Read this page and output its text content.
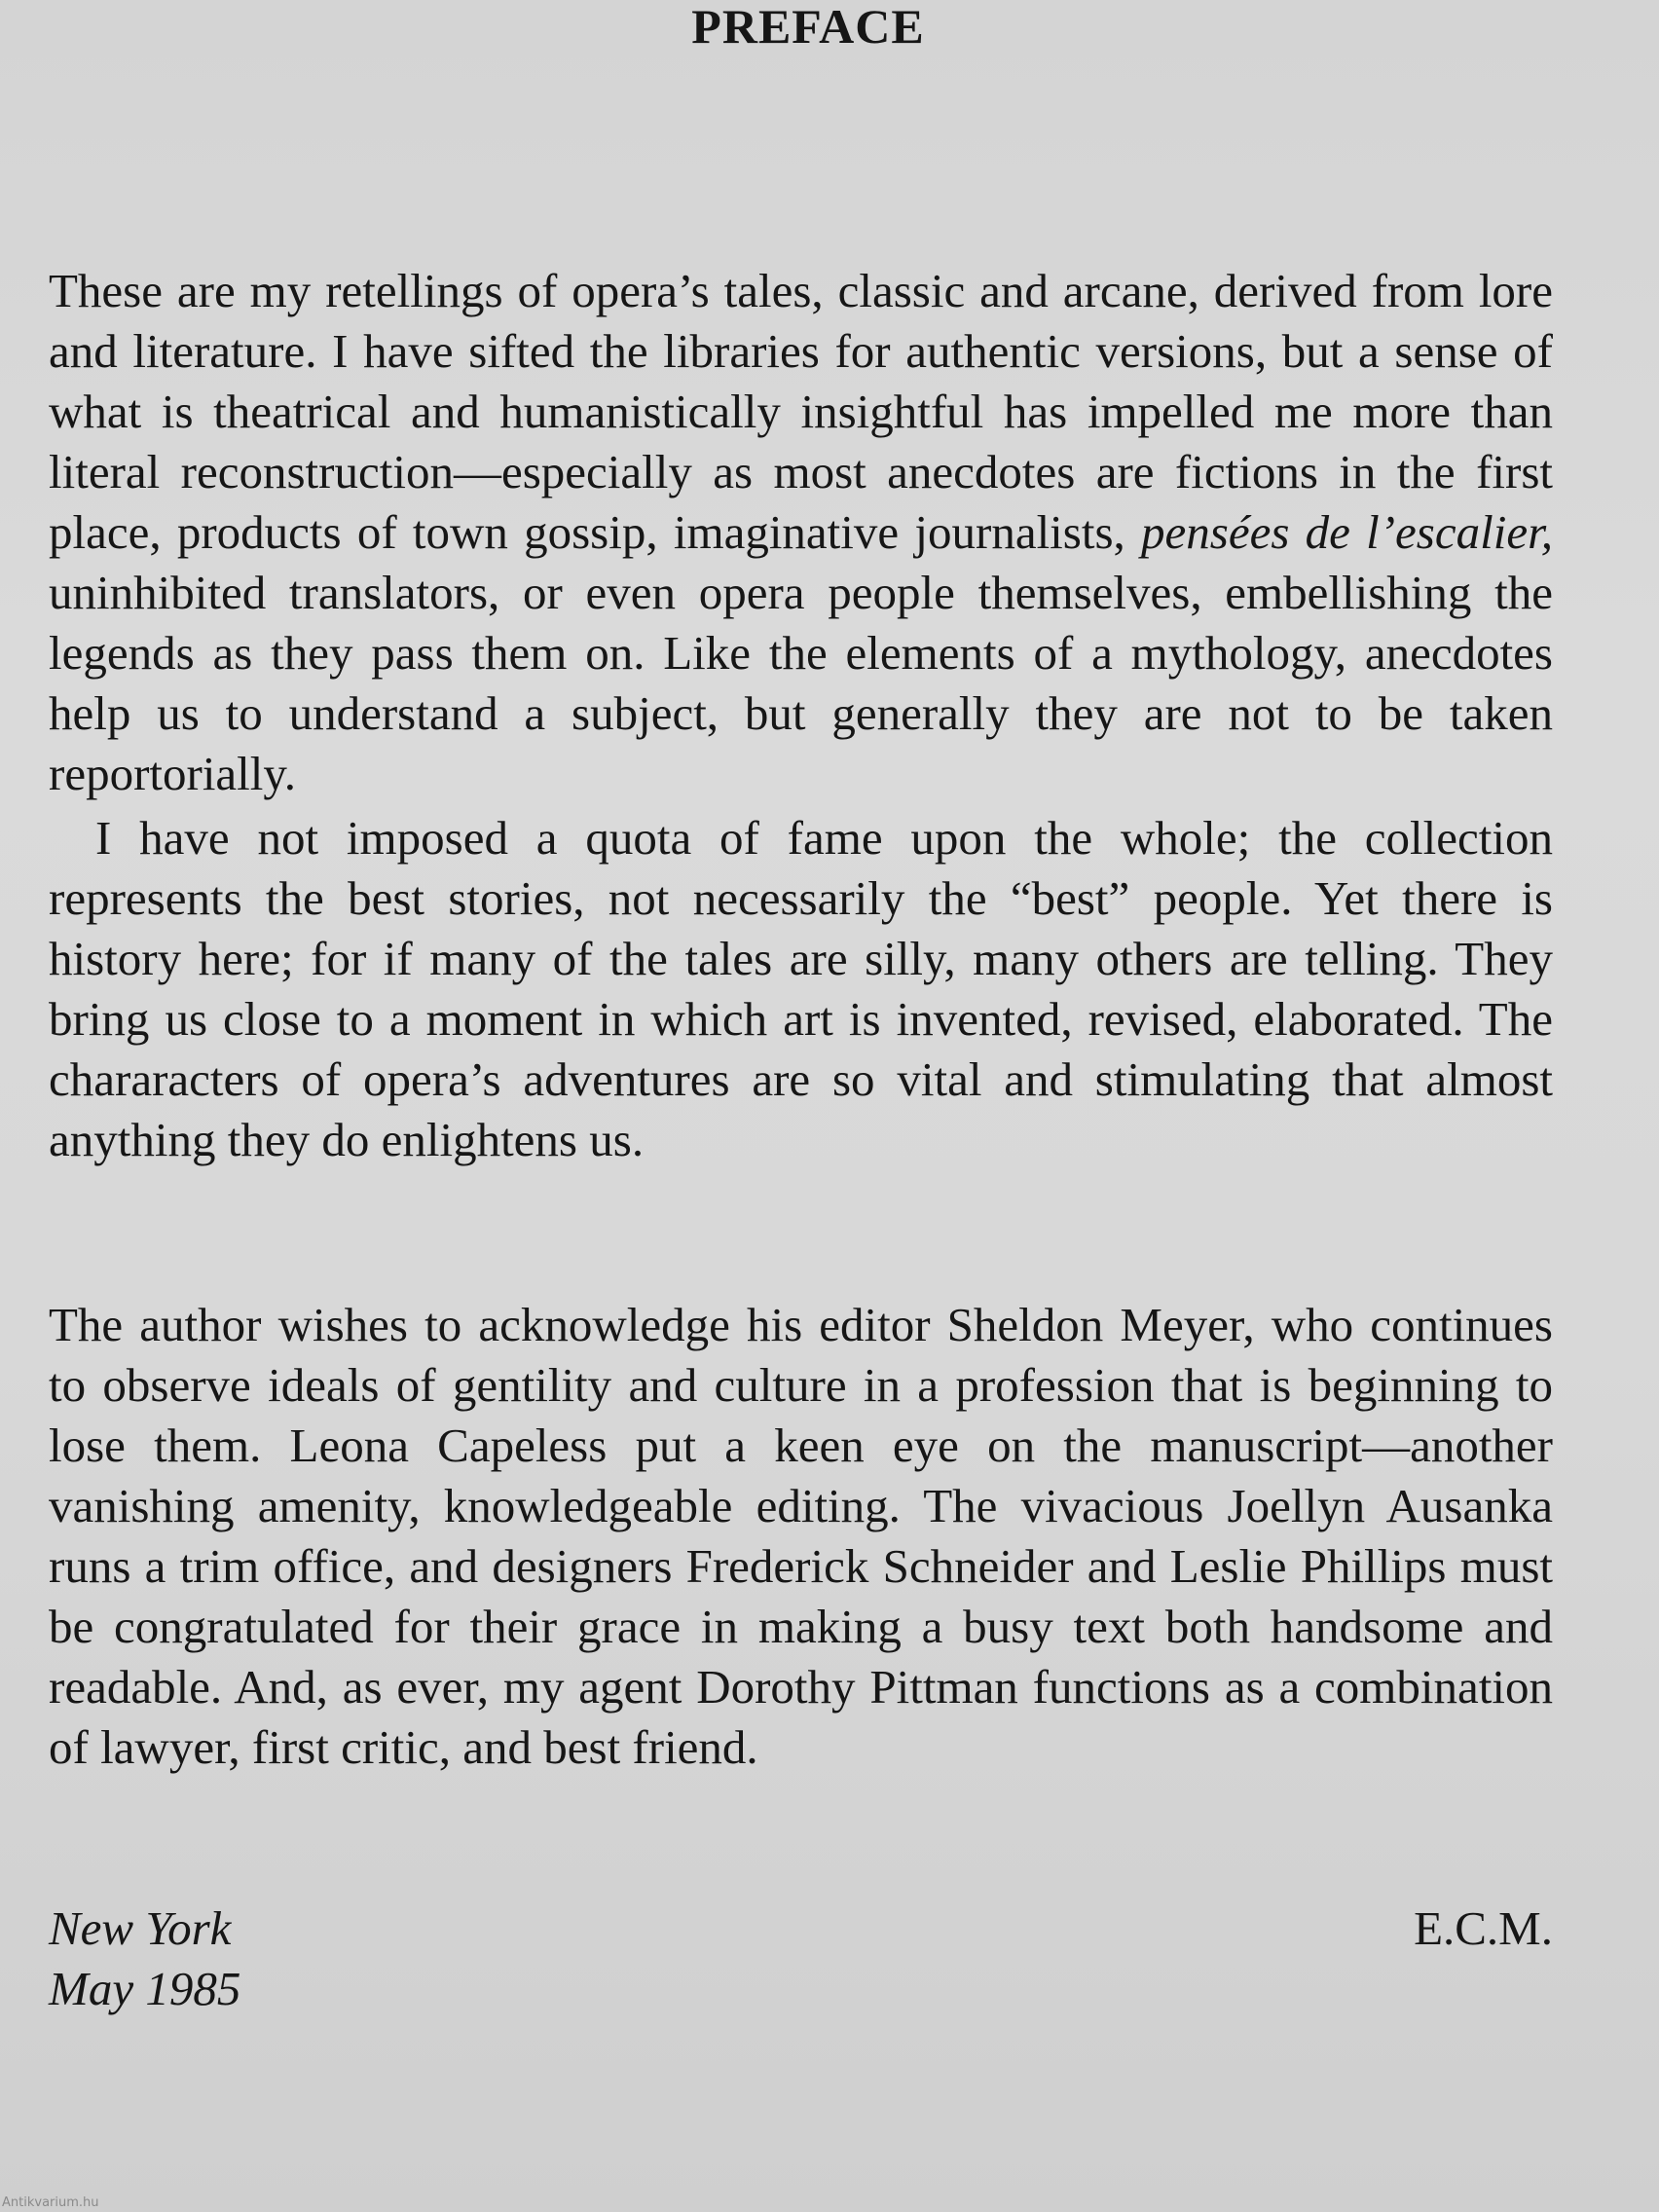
PREFACE

These are my retellings of opera’s tales, classic and arcane, derived from lore and literature. I have sifted the libraries for authentic versions, but a sense of what is theatrical and humanistically insightful has impelled me more than literal reconstruction—especially as most anecdotes are fictions in the first place, products of town gossip, imaginative journalists, pensées de l’escalier, uninhibited translators, or even opera people themselves, embellishing the legends as they pass them on. Like the elements of a mythology, anecdotes help us to understand a subject, but generally they are not to be taken reportorially.

I have not imposed a quota of fame upon the whole; the collection represents the best stories, not necessarily the “best” people. Yet there is history here; for if many of the tales are silly, many others are telling. They bring us close to a moment in which art is invented, revised, elaborated. The chararacters of opera’s adventures are so vital and stimulating that almost anything they do enlightens us.

The author wishes to acknowledge his editor Sheldon Meyer, who continues to observe ideals of gentility and culture in a profession that is beginning to lose them. Leona Capeless put a keen eye on the manuscript—another vanishing amenity, knowledgeable editing. The vivacious Joellyn Ausanka runs a trim office, and designers Frederick Schneider and Leslie Phillips must be congratulated for their grace in making a busy text both handsome and readable. And, as ever, my agent Dorothy Pittman functions as a combination of lawyer, first critic, and best friend.

New York
May 1985
E.C.M.
Antikvarium.hu
